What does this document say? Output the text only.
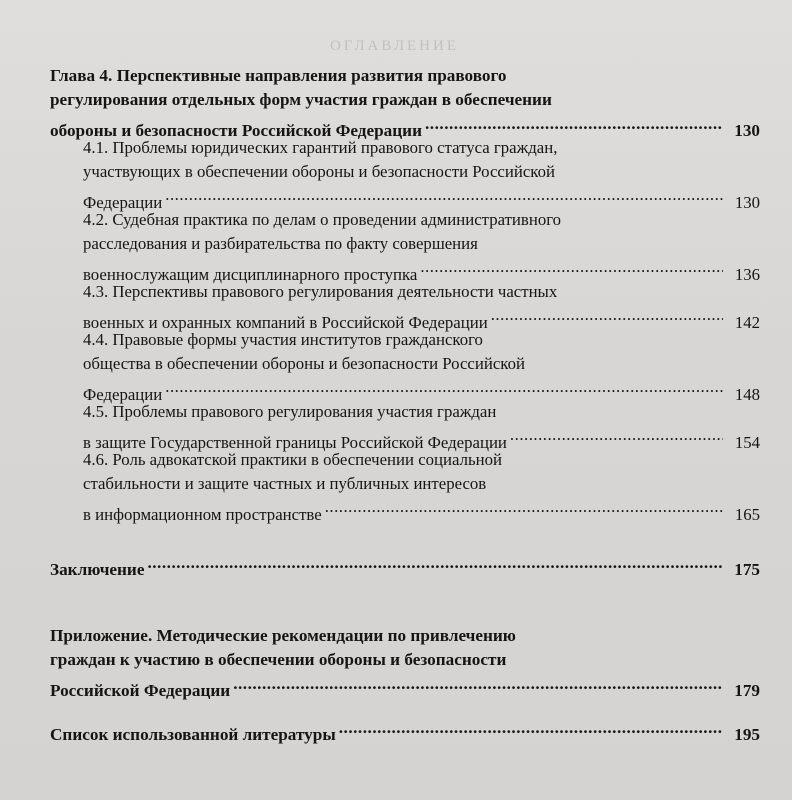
ОГЛАВЛЕНИЕ
Глава 4. Перспективные направления развития правового
регулирования отдельных форм участия граждан в обеспечении
обороны и безопасности Российской Федерации .....	130
4.1. Проблемы юридических гарантий правового статуса граждан,
участвующих в обеспечении обороны и безопасности Российской
Федерации .....	130
4.2. Судебная практика по делам о проведении административного
расследования и разбирательства по факту совершения
военнослужащим дисциплинарного проступка .....	136
4.3. Перспективы правового регулирования деятельности частных
военных и охранных компаний в Российской Федерации .....	142
4.4. Правовые формы участия институтов гражданского
общества в обеспечении обороны и безопасности Российской
Федерации .....	148
4.5. Проблемы правового регулирования участия граждан
в защите Государственной границы Российской Федерации .....	154
4.6. Роль адвокатской практики в обеспечении социальной
стабильности и защите частных и публичных интересов
в информационном пространстве .....	165
Заключение .....	175
Приложение. Методические рекомендации по привлечению
граждан к участию в обеспечении обороны и безопасности
Российской Федерации .....	179
Список использованной литературы .....	195
